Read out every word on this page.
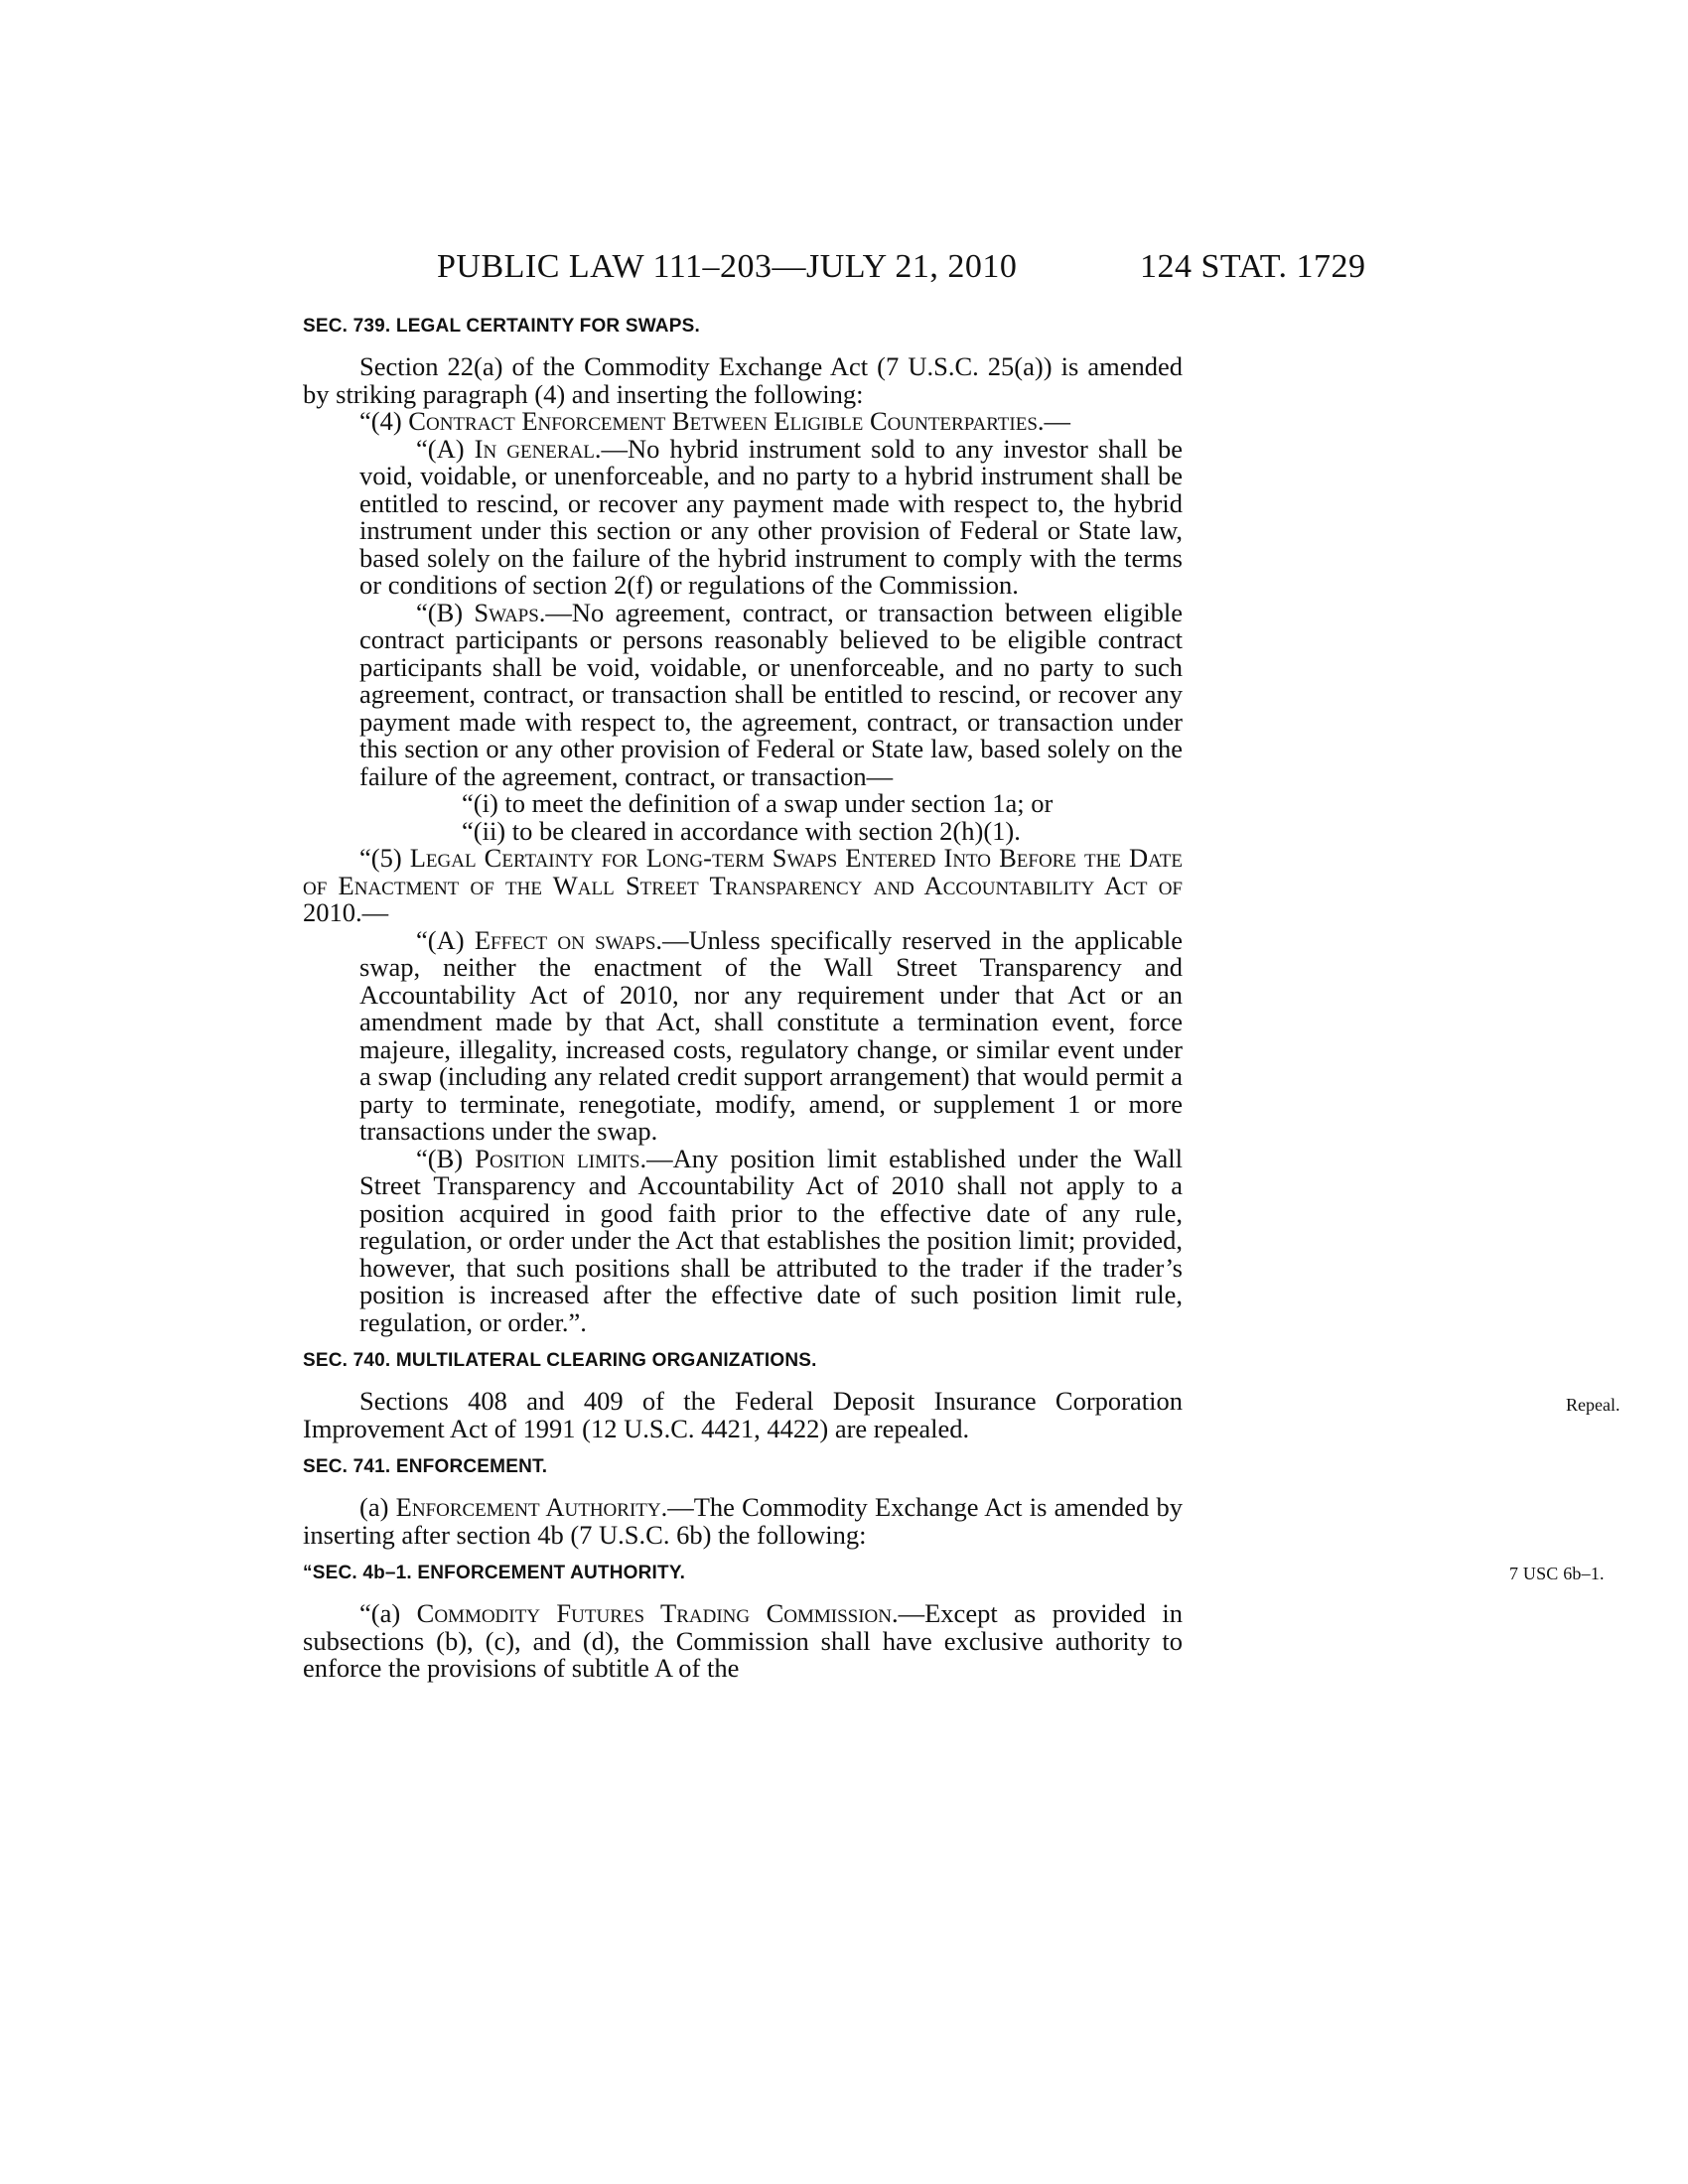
PUBLIC LAW 111–203—JULY 21, 2010	124 STAT. 1729

SEC. 739. LEGAL CERTAINTY FOR SWAPS.

Section 22(a) of the Commodity Exchange Act (7 U.S.C. 25(a)) is amended by striking paragraph (4) and inserting the following:

“(4) Contract Enforcement Between Eligible Counterparties.—

“(A) In general.—No hybrid instrument sold to any investor shall be void, voidable, or unenforceable, and no party to a hybrid instrument shall be entitled to rescind, or recover any payment made with respect to, the hybrid instrument under this section or any other provision of Federal or State law, based solely on the failure of the hybrid instrument to comply with the terms or conditions of section 2(f) or regulations of the Commission.

“(B) Swaps.—No agreement, contract, or transaction between eligible contract participants or persons reasonably believed to be eligible contract participants shall be void, voidable, or unenforceable, and no party to such agreement, contract, or transaction shall be entitled to rescind, or recover any payment made with respect to, the agreement, contract, or transaction under this section or any other provision of Federal or State law, based solely on the failure of the agreement, contract, or transaction—

“(i) to meet the definition of a swap under section 1a; or

“(ii) to be cleared in accordance with section 2(h)(1).

“(5) Legal Certainty for Long-term Swaps Entered Into Before the Date of Enactment of the Wall Street Transparency and Accountability Act of 2010.—

“(A) Effect on swaps.—Unless specifically reserved in the applicable swap, neither the enactment of the Wall Street Transparency and Accountability Act of 2010, nor any requirement under that Act or an amendment made by that Act, shall constitute a termination event, force majeure, illegality, increased costs, regulatory change, or similar event under a swap (including any related credit support arrangement) that would permit a party to terminate, renegotiate, modify, amend, or supplement 1 or more transactions under the swap.

“(B) Position limits.—Any position limit established under the Wall Street Transparency and Accountability Act of 2010 shall not apply to a position acquired in good faith prior to the effective date of any rule, regulation, or order under the Act that establishes the position limit; provided, however, that such positions shall be attributed to the trader if the trader’s position is increased after the effective date of such position limit rule, regulation, or order.”.

SEC. 740. MULTILATERAL CLEARING ORGANIZATIONS.

Sections 408 and 409 of the Federal Deposit Insurance Corporation Improvement Act of 1991 (12 U.S.C. 4421, 4422) are repealed.
Repeal.

SEC. 741. ENFORCEMENT.

(a) Enforcement Authority.—The Commodity Exchange Act is amended by inserting after section 4b (7 U.S.C. 6b) the following:

“SEC. 4b–1. ENFORCEMENT AUTHORITY.	7 USC 6b–1.

“(a) Commodity Futures Trading Commission.—Except as provided in subsections (b), (c), and (d), the Commission shall have exclusive authority to enforce the provisions of subtitle A of the
